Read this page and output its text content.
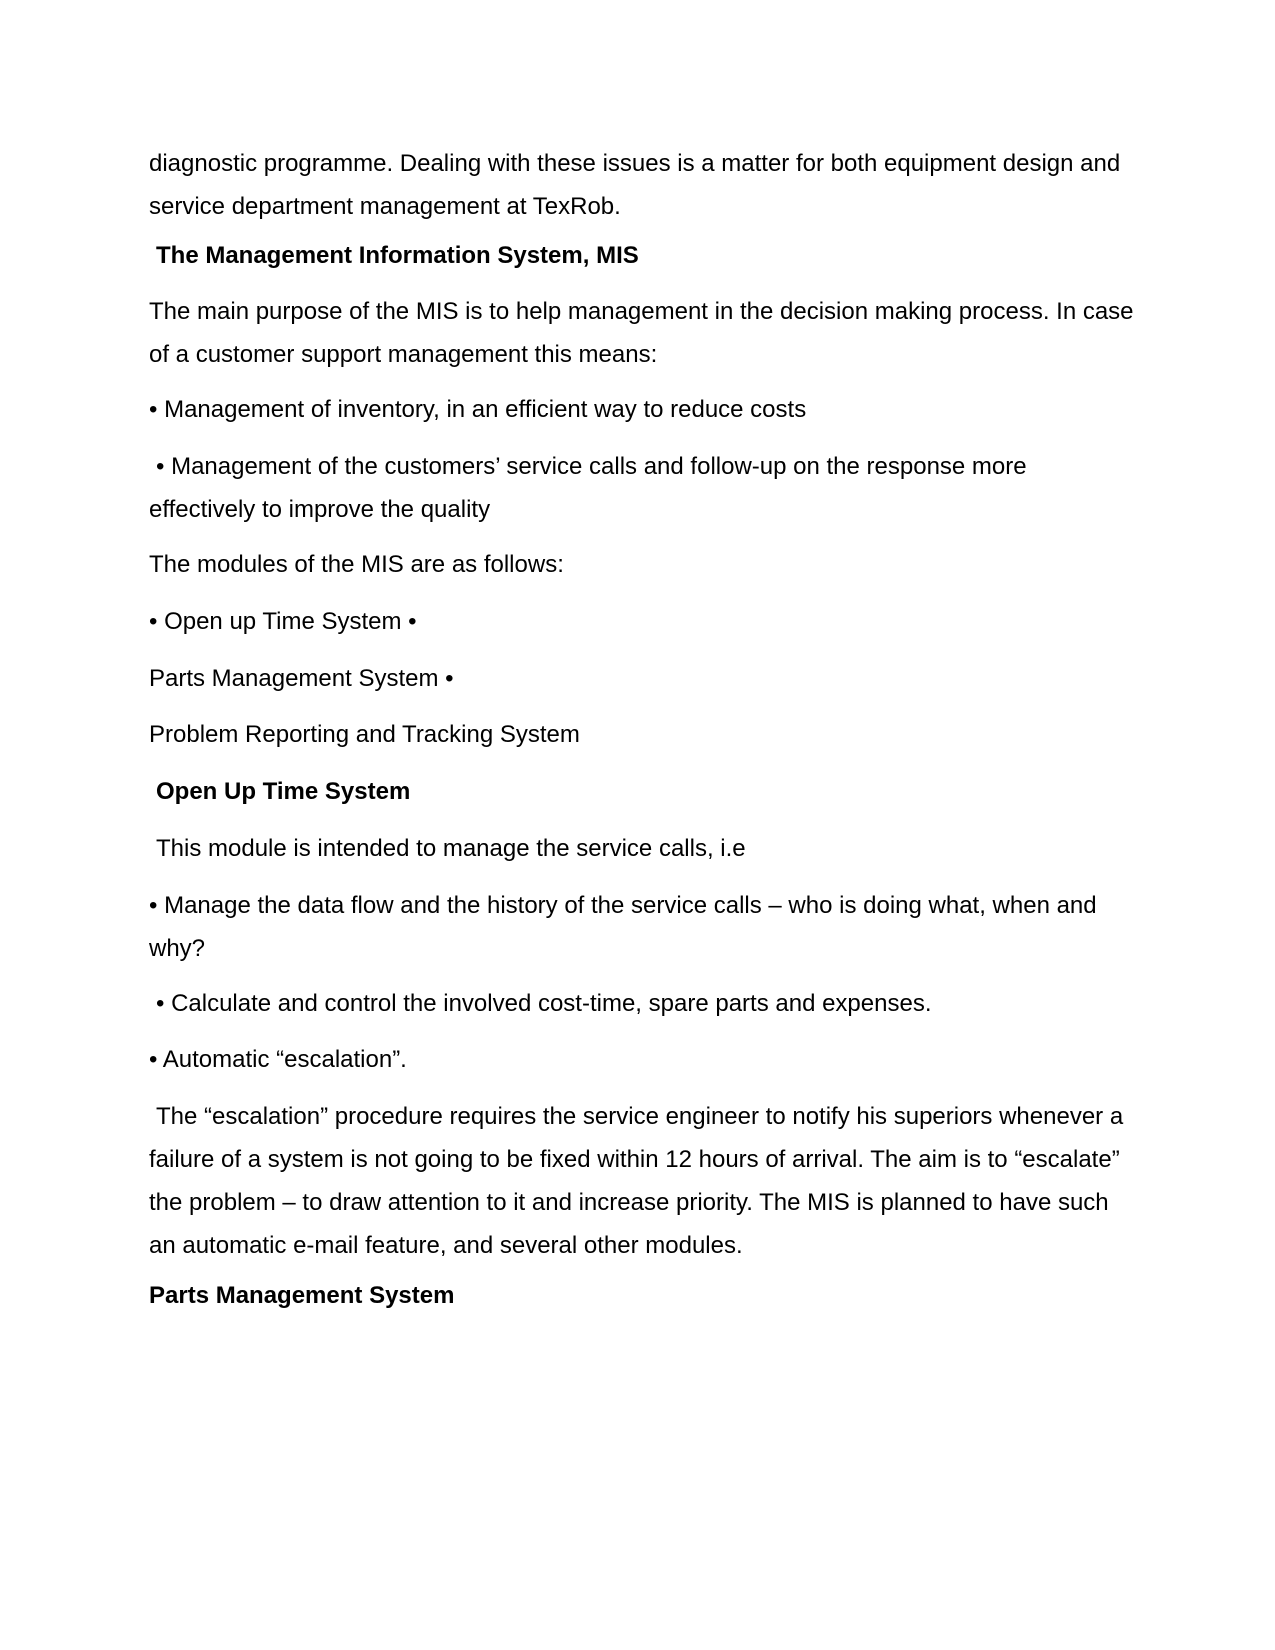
diagnostic programme. Dealing with these issues is a matter for both equipment design and service department management at TexRob.
The Management Information System, MIS
The main purpose of the MIS is to help management in the decision making process. In case of a customer support management this means:
• Management of inventory, in an efficient way to reduce costs
• Management of the customers’ service calls and follow-up on the response more effectively to improve the quality
The modules of the MIS are as follows:
• Open up Time System •
Parts Management System •
Problem Reporting and Tracking System
Open Up Time System
This module is intended to manage the service calls, i.e
• Manage the data flow and the history of the service calls – who is doing what, when and why?
• Calculate and control the involved cost-time, spare parts and expenses.
• Automatic “escalation”.
The “escalation” procedure requires the service engineer to notify his superiors whenever a failure of a system is not going to be fixed within 12 hours of arrival. The aim is to “escalate” the problem – to draw attention to it and increase priority. The MIS is planned to have such an automatic e-mail feature, and several other modules.
Parts Management System
